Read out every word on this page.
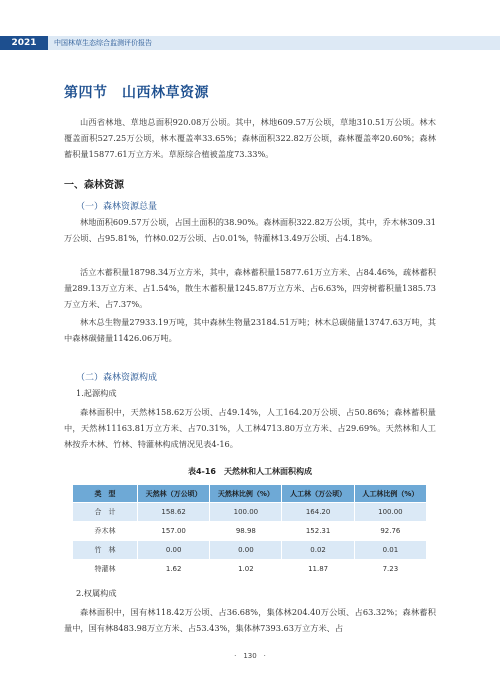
2021	中国林草生态综合监测评价报告
第四节　山西林草资源
山西省林地、草地总面积920.08万公顷。其中，林地609.57万公顷，草地310.51万公顷。林木覆盖面积527.25万公顷，林木覆盖率33.65%；森林面积322.82万公顷，森林覆盖率20.60%；森林蓄积量15877.61万立方米。草原综合植被盖度73.33%。
一、森林资源
（一）森林资源总量
林地面积609.57万公顷，占国土面积的38.90%。森林面积322.82万公顷，其中，乔木林309.31万公顷、占95.81%，竹林0.02万公顷、占0.01%，特灌林13.49万公顷、占4.18%。
活立木蓄积量18798.34万立方米，其中，森林蓄积量15877.61万立方米、占84.46%，疏林蓄积量289.13万立方米、占1.54%，散生木蓄积量1245.87万立方米、占6.63%，四旁树蓄积量1385.73万立方米、占7.37%。
林木总生物量27933.19万吨，其中森林生物量23184.51万吨；林木总碳储量13747.63万吨，其中森林碳储量11426.06万吨。
（二）森林资源构成
1.起源构成
森林面积中，天然林158.62万公顷、占49.14%，人工164.20万公顷、占50.86%；森林蓄积量中，天然林11163.81万立方米、占70.31%，人工林4713.80万立方米、占29.69%。天然林和人工林按乔木林、竹林、特灌林构成情况见表4-16。
表4-16　天然林和人工林面积构成
类　型	天然林（万公顷）	天然林比例（%）	人工林（万公顷）	人工林比例（%）
合　计	158.62	100.00	164.20	100.00
乔木林	157.00	98.98	152.31	92.76
竹　林	0.00	0.00	0.02	0.01
特灌林	1.62	1.02	11.87	7.23
2.权属构成
森林面积中，国有林118.42万公顷、占36.68%，集体林204.40万公顷、占63.32%；森林蓄积量中，国有林8483.98万立方米、占53.43%，集体林7393.63万立方米、占
·　130　·
